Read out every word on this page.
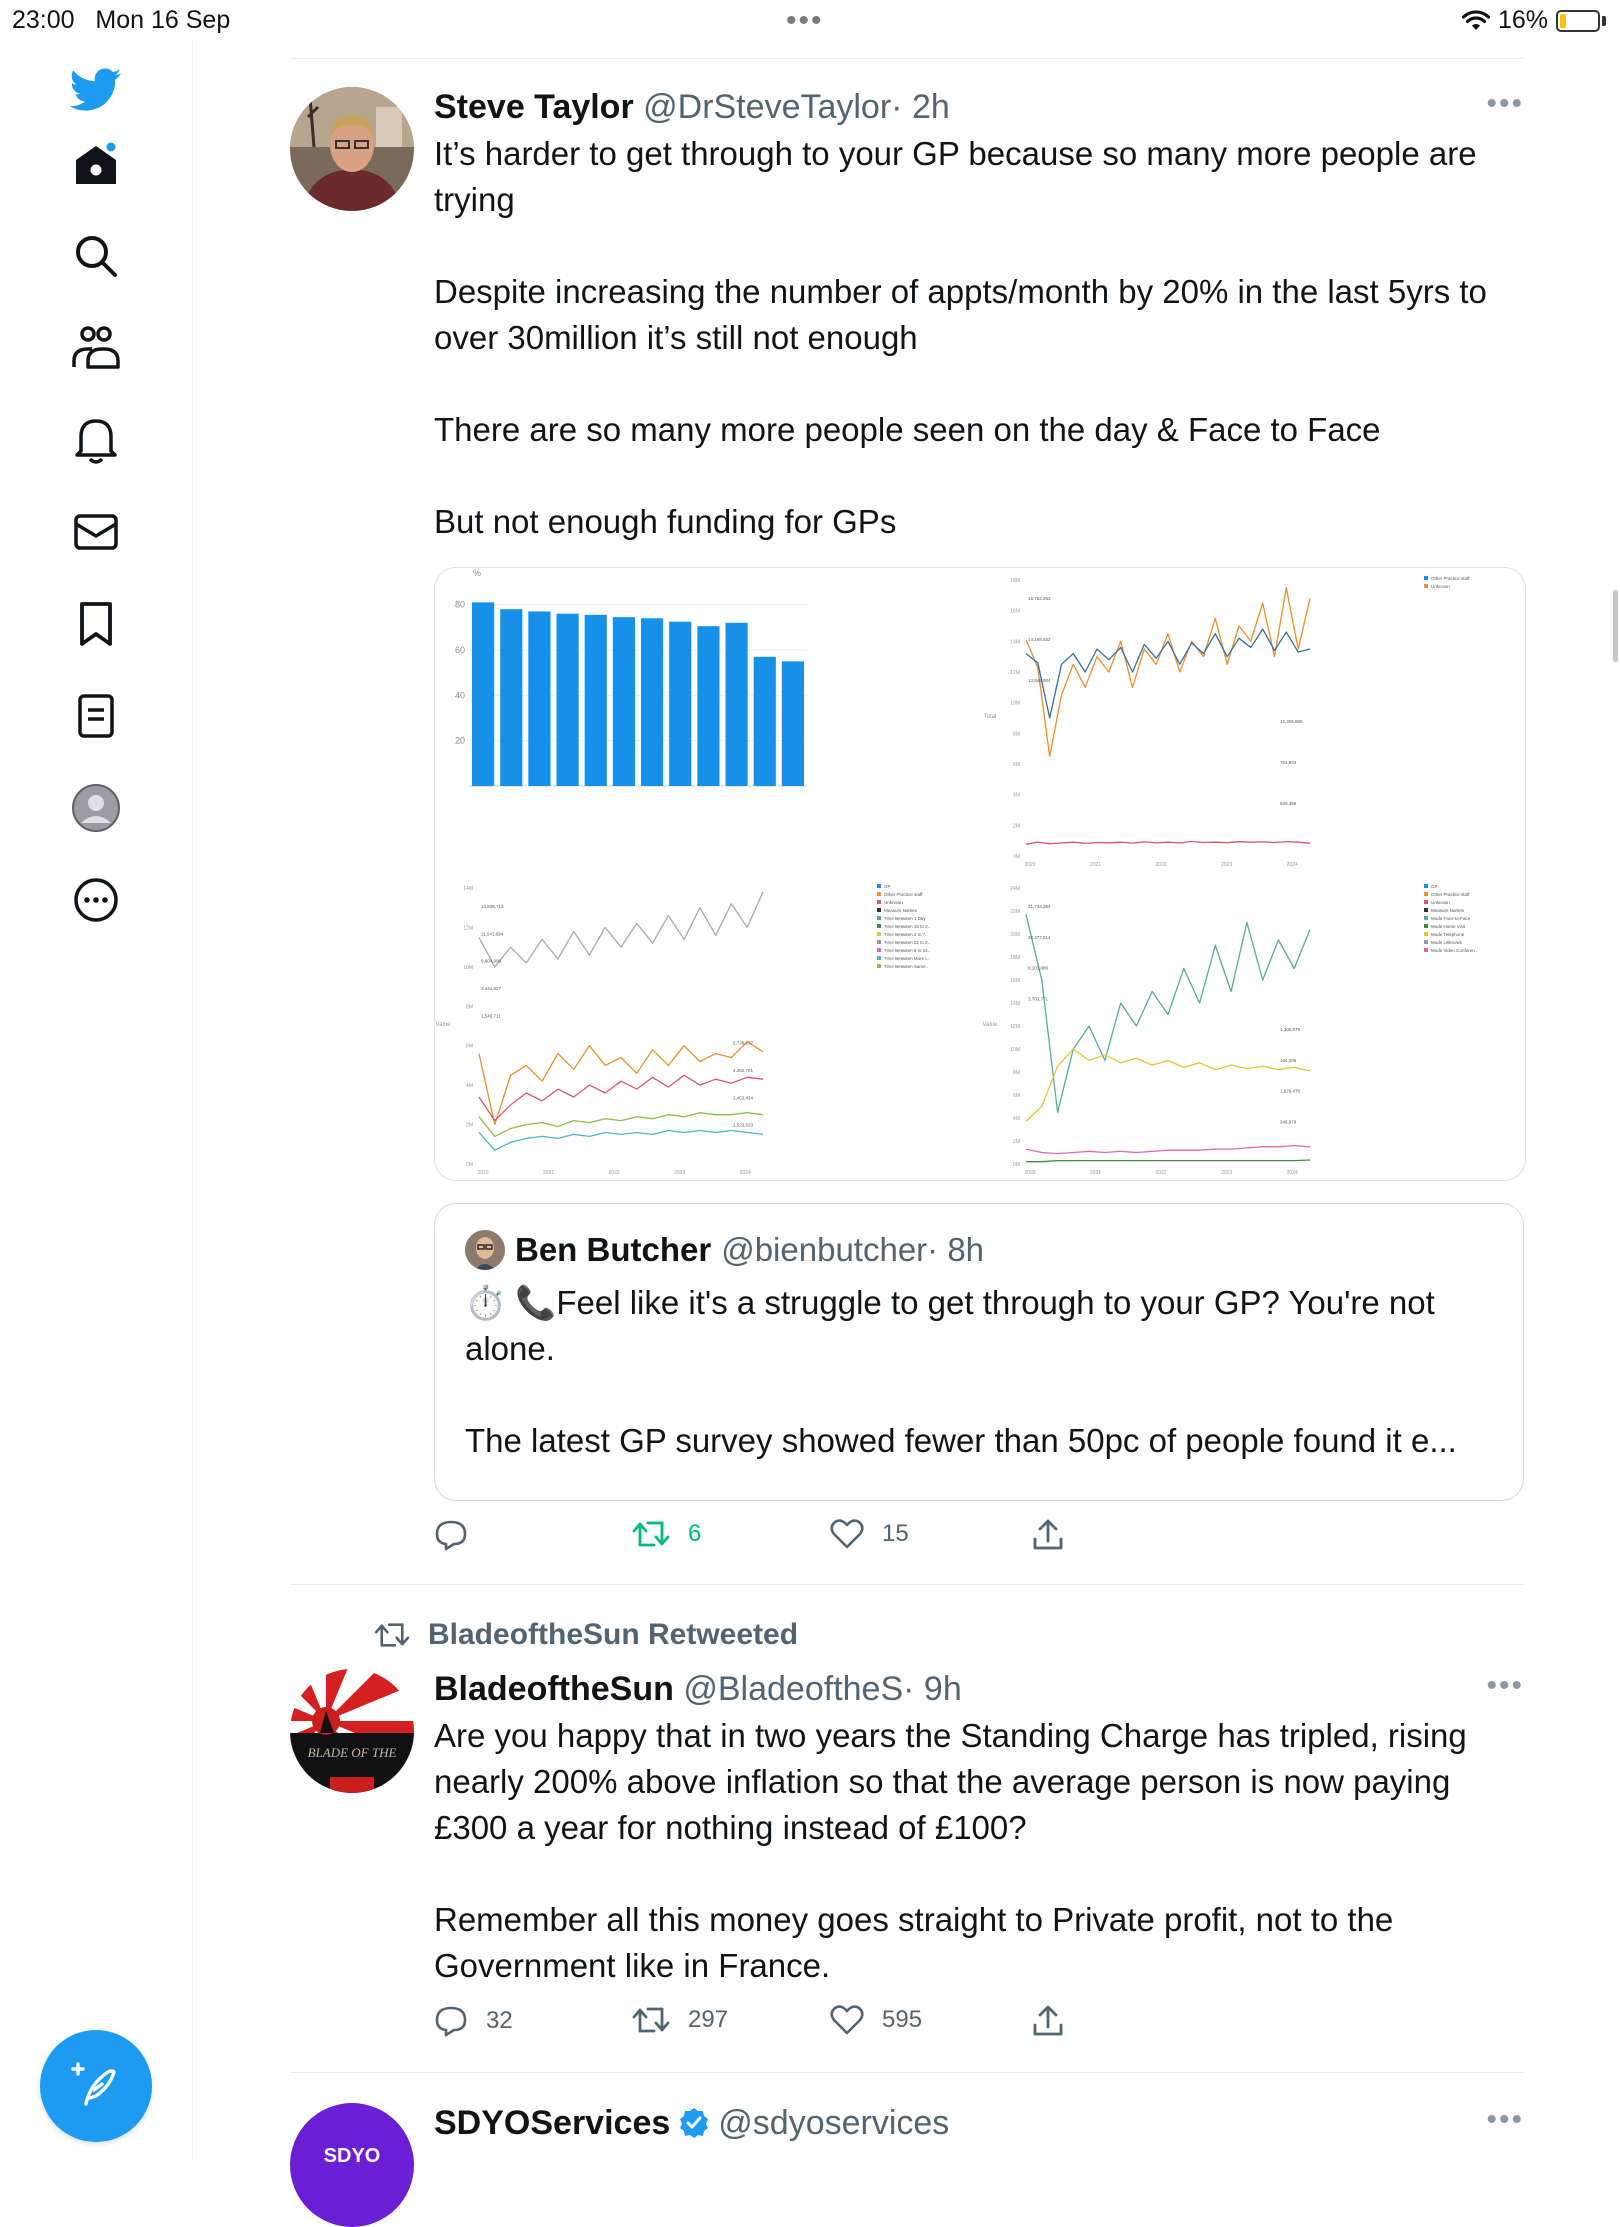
23:00 Mon 16 Sep	•••	16%
Steve Taylor @DrSteveTaylor· 2h	•••

It’s harder to get through to your GP because so many more people are trying

Despite increasing the number of appts/month by 20% in the last 5yrs to over 30million it’s still not enough

There are so many more people seen on the day & Face to Face

But not enough funding for GPs

%
20
40
60
80
0M
2M
4M
6M
8M
10M
12M
14M
16M
18M
Total
2020	2021	2022	2023	2024
16,762,362
14,168,932
13,546,904
12,306,805
764,933
829,359
Other Practice staff
Unknown
0M
2M
4M
6M
8M
10M
12M
14M
Value
2020	2021	2022	2023	2024
13,835,713
11,541,694
5,604,909
3,444,627
1,540,711
5,728,277
4,362,701
2,453,434
1,523,523
GP
Other Practice staff
Unknown
Measure Names
Time Between 1 Day
Time Between 15 to 2..
Time Between 2 to 7..
Time Between 22 to 2..
Time Between 8 to 14..
Time Between More t..
Time Between Same..
0M
2M
4M
6M
8M
10M
12M
14M
16M
18M
20M
22M
24M
Value
2020	2021	2022	2023	2024
21,733,384
20,377,514
8,103,086
3,703,771
1,300,979
194,006
1,529,476
346,879
GP
Other Practice staff
Unknown
Measure Names
Mode Face-to-Face
Mode Home Visit
Mode Telephone
Mode Unknown
Mode Video Conferen..
Ben Butcher @bienbutcher· 8h

⏱️ 📞Feel like it's a struggle to get through to your GP? You're not alone.

The latest GP survey showed fewer than 50pc of people found it e...

6	15
BladeoftheSun Retweeted
BLADE OF THE
BladeoftheSun @BladeoftheS· 9h	•••

Are you happy that in two years the Standing Charge has tripled, rising nearly 200% above inflation so that the average person is now paying £300 a year for nothing instead of £100?

Remember all this money goes straight to Private profit, not to the Government like in France.

32	297	595
SDYO
SDYOServices @sdyoservices	•••
